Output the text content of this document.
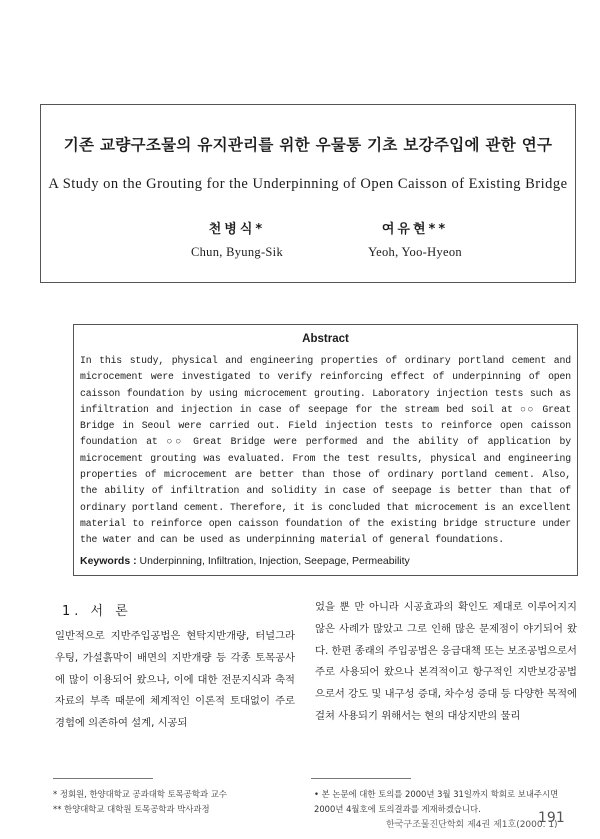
기존 교량구조물의 유지관리를 위한 우물통 기초 보강주입에 관한 연구
A Study on the Grouting for the Underpinning of Open Caisson of Existing Bridge
천병식*
Chun, Byung-Sik
여유현**
Yeoh, Yoo-Hyeon
Abstract
In this study, physical and engineering properties of ordinary portland cement and microcement were investigated to verify reinforcing effect of underpinning of open caisson foundation by using microcement grouting. Laboratory injection tests such as infiltration and injection in case of seepage for the stream bed soil at ○○ Great Bridge in Seoul were carried out. Field injection tests to reinforce open caisson foundation at ○○ Great Bridge were performed and the ability of application by microcement grouting was evaluated. From the test results, physical and engineering properties of microcement are better than those of ordinary portland cement. Also, the ability of infiltration and solidity in case of seepage is better than that of ordinary portland cement. Therefore, it is concluded that microcement is an excellent material to reinforce open caisson foundation of the existing bridge structure under the water and can be used as underpinning material of general foundations.
Keywords : Underpinning, Infiltration, Injection, Seepage, Permeability
1. 서 론
일반적으로 지반주입공법은 현탁지반개량, 터널그라우팅, 가설흙막이 배면의 지반개량 등 각종 토목공사에 많이 이용되어 왔으나, 이에 대한 전문지식과 축적자료의 부족 때문에 체계적인 이론적 토대없이 주로 경험에 의존하여 설계, 시공되
었을 뿐 만 아니라 시공효과의 확인도 제대로 이루어지지 않은 사례가 많았고 그로 인해 많은 문제점이 야기되어 왔다. 한편 종래의 주입공법은 응급대책 또는 보조공법으로서 주로 사용되어 왔으나 본격적이고 항구적인 지반보강공법으로서 강도 및 내구성 증대, 차수성 증대 등 다양한 목적에 걸쳐 사용되기 위해서는 현의 대상지반의 물리
* 정회원, 한양대학교 공과대학 토목공학과 교수
** 한양대학교 대학원 토목공학과 박사과정
• 본 논문에 대한 토의를 2000년 3월 31일까지 학회로 보내주시면 2000년 4월호에 토의결과를 게재하겠습니다.
한국구조물진단학회 제4권 제1호(2000. 1)
191
